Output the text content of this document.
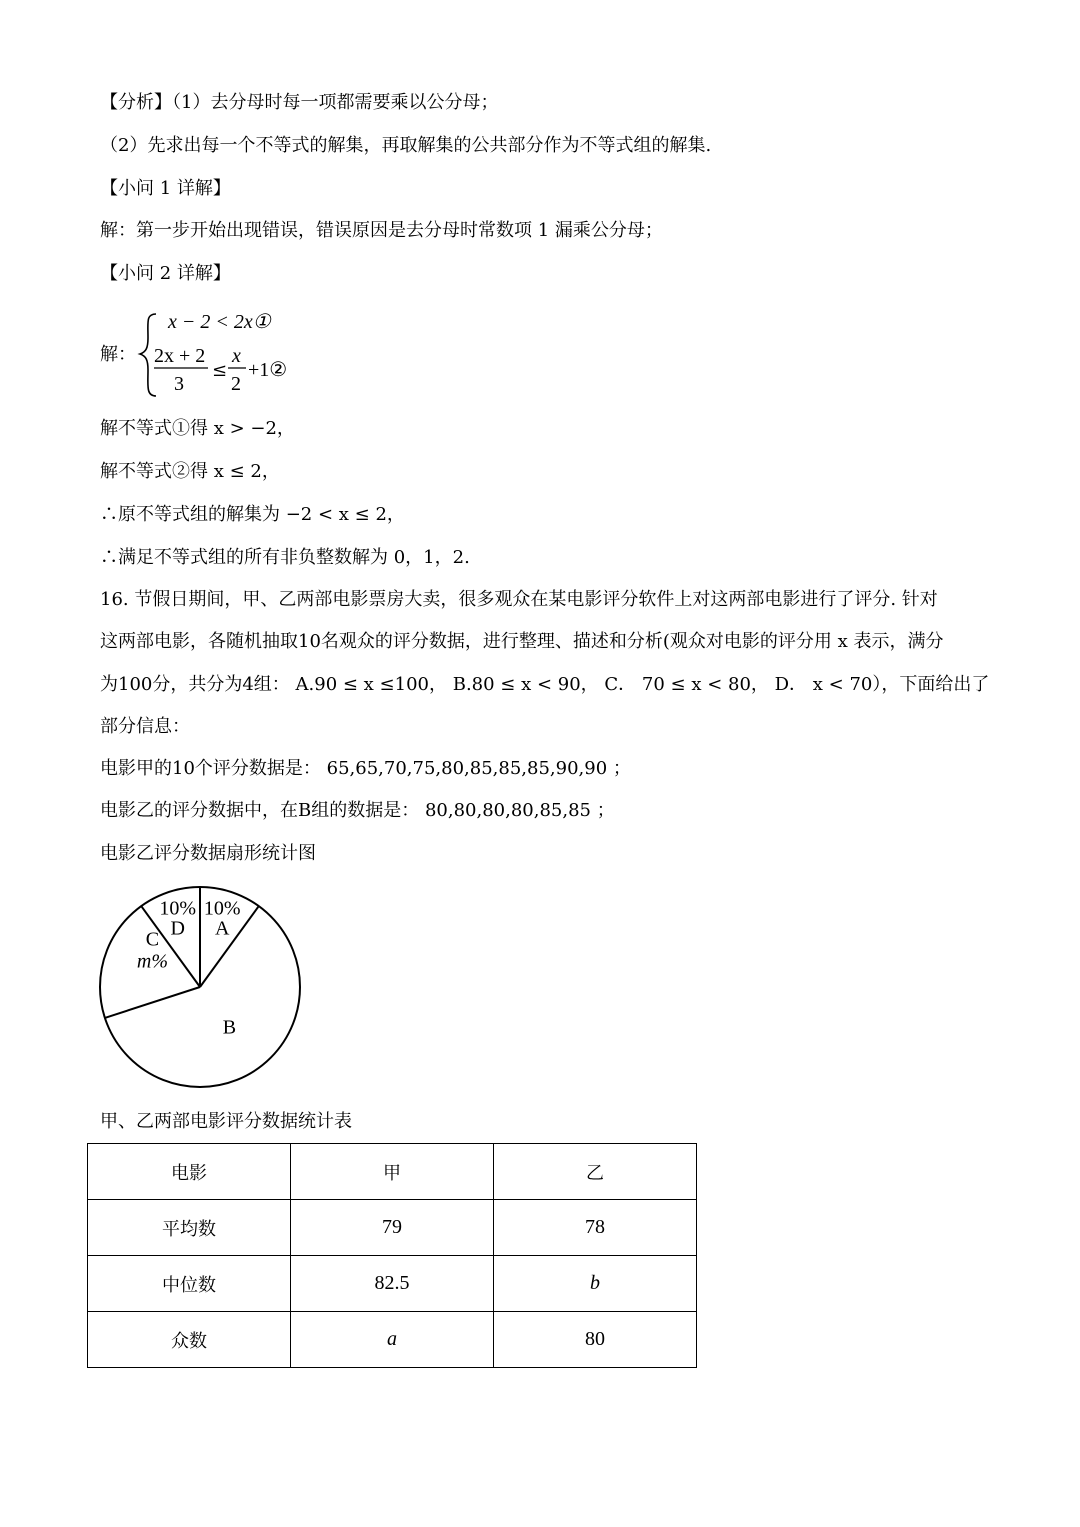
【分析】（1）去分母时每一项都需要乘以公分母；
（2）先求出每一个不等式的解集，再取解集的公共部分作为不等式组的解集.
【小问 1 详解】
解：第一步开始出现错误，错误原因是去分母时常数项 1 漏乘公分母；
【小问 2 详解】
解：
x − 2 < 2x①
2x + 2
3
≤
x
2
+1②
解不等式①得 x > −2，
解不等式②得 x ≤ 2，
∴原不等式组的解集为 −2 < x ≤ 2，
∴满足不等式组的所有非负整数解为 0，1，2.
16. 节假日期间，甲、乙两部电影票房大卖，很多观众在某电影评分软件上对这两部电影进行了评分. 针对
这两部电影，各随机抽取10名观众的评分数据，进行整理、描述和分析(观众对电影的评分用 x 表示，满分
为100分，共分为4组： A.90 ≤ x ≤100， B.80 ≤ x < 90， C． 70 ≤ x < 80， D． x < 70），下面给出了
部分信息：
电影甲的10个评分数据是： 65,65,70,75,80,85,85,85,90,90 ；
电影乙的评分数据中，在B组的数据是： 80,80,80,80,85,85 ；
电影乙评分数据扇形统计图
10%
A
B
m%
C
10%
D
甲、乙两部电影评分数据统计表
电影	甲	乙
平均数	79	78
中位数	82.5	b
众数	a	80
